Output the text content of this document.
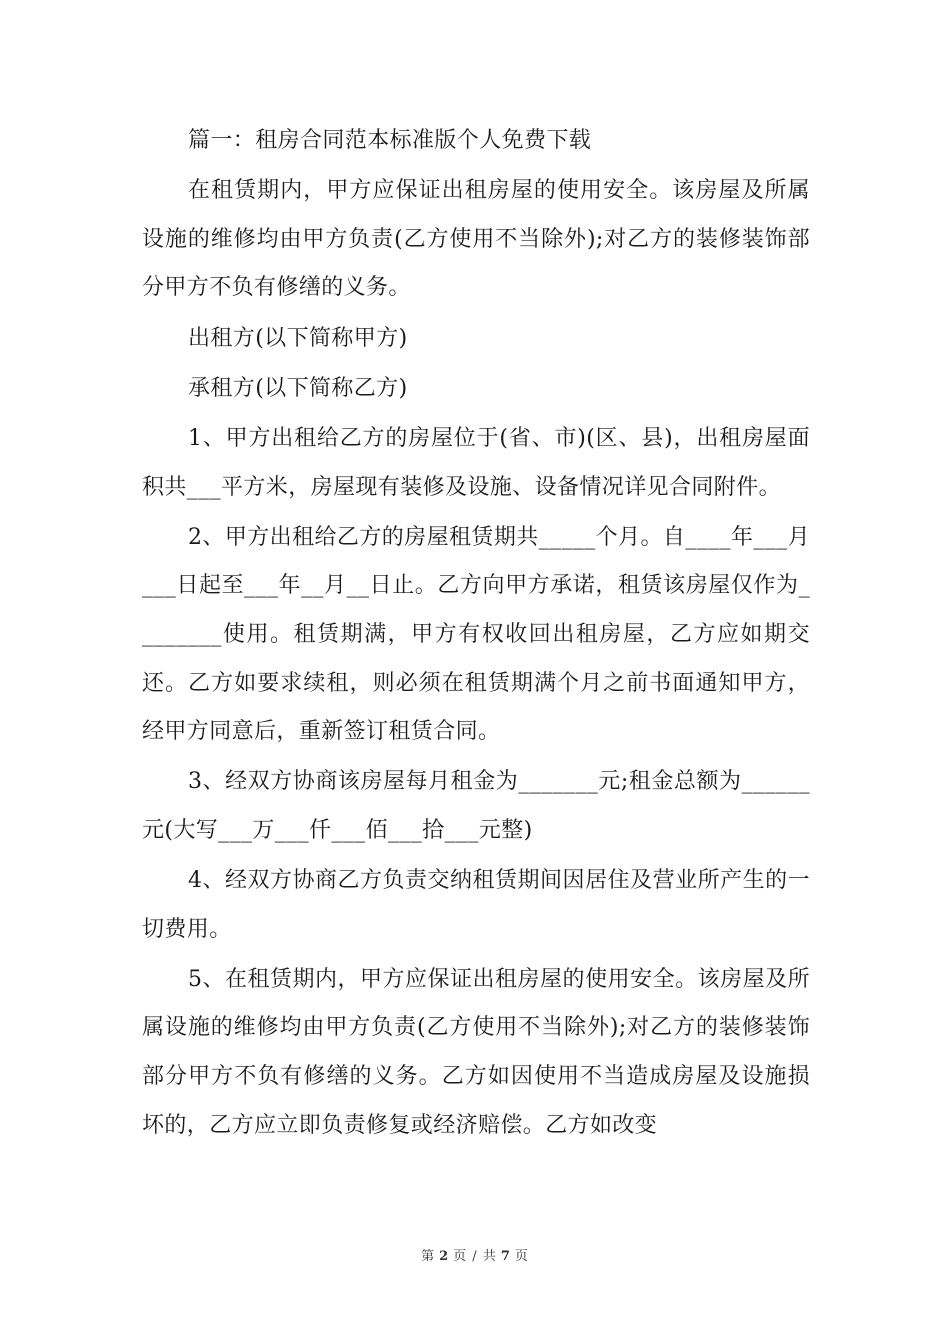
篇一：租房合同范本标准版个人免费下载

在租赁期内，甲方应保证出租房屋的使用安全。该房屋及所属设施的维修均由甲方负责(乙方使用不当除外);对乙方的装修装饰部分甲方不负有修缮的义务。

出租方(以下简称甲方)

承租方(以下简称乙方)

1、甲方出租给乙方的房屋位于(省、市)(区、县)，出租房屋面积共___平方米，房屋现有装修及设施、设备情况详见合同附件。

2、甲方出租给乙方的房屋租赁期共_____个月。自____年___月___日起至___年__月__日止。乙方向甲方承诺，租赁该房屋仅作为________使用。租赁期满，甲方有权收回出租房屋，乙方应如期交还。乙方如要求续租，则必须在租赁期满个月之前书面通知甲方，经甲方同意后，重新签订租赁合同。

3、经双方协商该房屋每月租金为_______元;租金总额为______元(大写___万___仟___佰___拾___元整)

4、经双方协商乙方负责交纳租赁期间因居住及营业所产生的一切费用。

5、在租赁期内，甲方应保证出租房屋的使用安全。该房屋及所属设施的维修均由甲方负责(乙方使用不当除外);对乙方的装修装饰部分甲方不负有修缮的义务。乙方如因使用不当造成房屋及设施损坏的，乙方应立即负责修复或经济赔偿。乙方如改变

第 2 页 / 共 7 页
